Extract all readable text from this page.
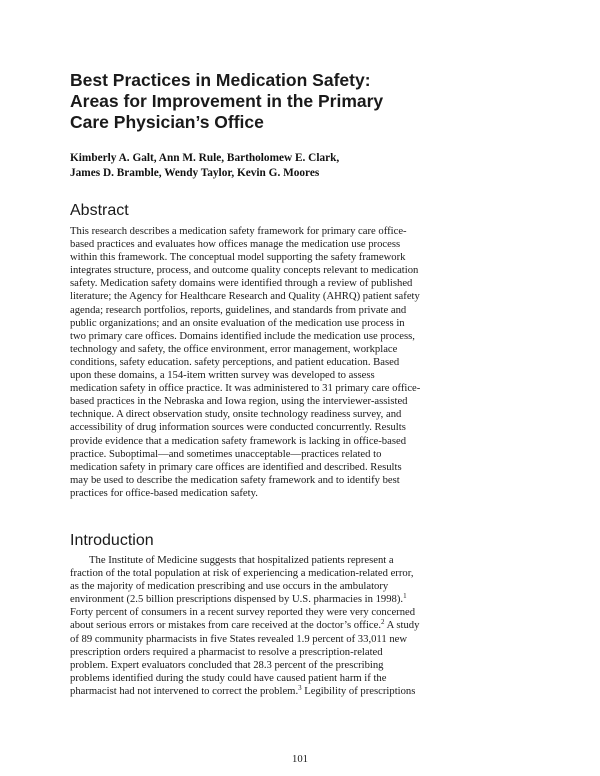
Best Practices in Medication Safety:
Areas for Improvement in the Primary
Care Physician’s Office
Kimberly A. Galt, Ann M. Rule, Bartholomew E. Clark,
James D. Bramble, Wendy Taylor, Kevin G. Moores
Abstract
This research describes a medication safety framework for primary care office-
based practices and evaluates how offices manage the medication use process
within this framework. The conceptual model supporting the safety framework
integrates structure, process, and outcome quality concepts relevant to medication
safety. Medication safety domains were identified through a review of published
literature; the Agency for Healthcare Research and Quality (AHRQ) patient safety
agenda; research portfolios, reports, guidelines, and standards from private and
public organizations; and an onsite evaluation of the medication use process in
two primary care offices. Domains identified include the medication use process,
technology and safety, the office environment, error management, workplace
conditions, safety education. safety perceptions, and patient education. Based
upon these domains, a 154-item written survey was developed to assess
medication safety in office practice. It was administered to 31 primary care office-
based practices in the Nebraska and Iowa region, using the interviewer-assisted
technique. A direct observation study, onsite technology readiness survey, and
accessibility of drug information sources were conducted concurrently. Results
provide evidence that a medication safety framework is lacking in office-based
practice. Suboptimal—and sometimes unacceptable—practices related to
medication safety in primary care offices are identified and described. Results
may be used to describe the medication safety framework and to identify best
practices for office-based medication safety.
Introduction
The Institute of Medicine suggests that hospitalized patients represent a
fraction of the total population at risk of experiencing a medication-related error,
as the majority of medication prescribing and use occurs in the ambulatory
environment (2.5 billion prescriptions dispensed by U.S. pharmacies in 1998).$^1$
Forty percent of consumers in a recent survey reported they were very concerned
about serious errors or mistakes from care received at the doctor’s office.$^2$ A study
of 89 community pharmacists in five States revealed 1.9 percent of 33,011 new
prescription orders required a pharmacist to resolve a prescription-related
problem. Expert evaluators concluded that 28.3 percent of the prescribing
problems identified during the study could have caused patient harm if the
pharmacist had not intervened to correct the problem.$^3$ Legibility of prescriptions
101
